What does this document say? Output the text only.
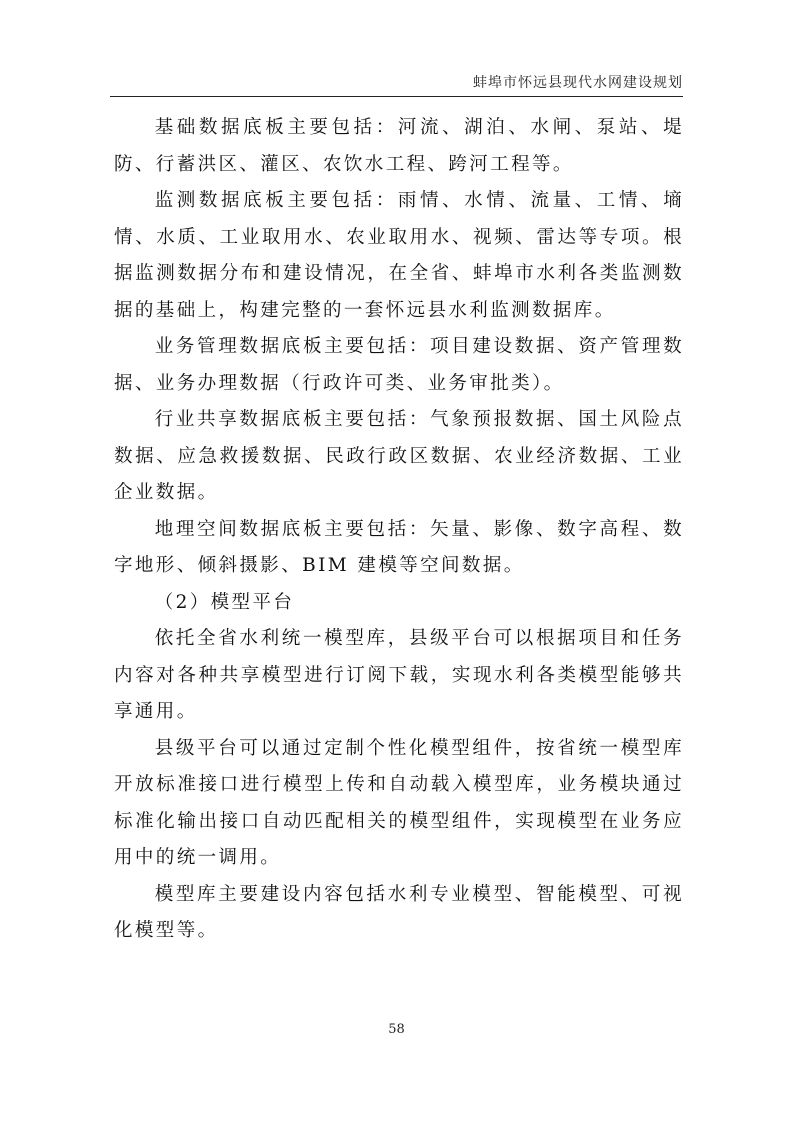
蚌埠市怀远县现代水网建设规划

基础数据底板主要包括：河流、湖泊、水闸、泵站、堤防、行蓄洪区、灌区、农饮水工程、跨河工程等。

监测数据底板主要包括：雨情、水情、流量、工情、墒情、水质、工业取用水、农业取用水、视频、雷达等专项。根据监测数据分布和建设情况，在全省、蚌埠市水利各类监测数据的基础上，构建完整的一套怀远县水利监测数据库。

业务管理数据底板主要包括：项目建设数据、资产管理数据、业务办理数据（行政许可类、业务审批类）。

行业共享数据底板主要包括：气象预报数据、国土风险点数据、应急救援数据、民政行政区数据、农业经济数据、工业企业数据。

地理空间数据底板主要包括：矢量、影像、数字高程、数字地形、倾斜摄影、BIM 建模等空间数据。

（2）模型平台

依托全省水利统一模型库，县级平台可以根据项目和任务内容对各种共享模型进行订阅下载，实现水利各类模型能够共享通用。

县级平台可以通过定制个性化模型组件，按省统一模型库开放标准接口进行模型上传和自动载入模型库，业务模块通过标准化输出接口自动匹配相关的模型组件，实现模型在业务应用中的统一调用。

模型库主要建设内容包括水利专业模型、智能模型、可视化模型等。

58
